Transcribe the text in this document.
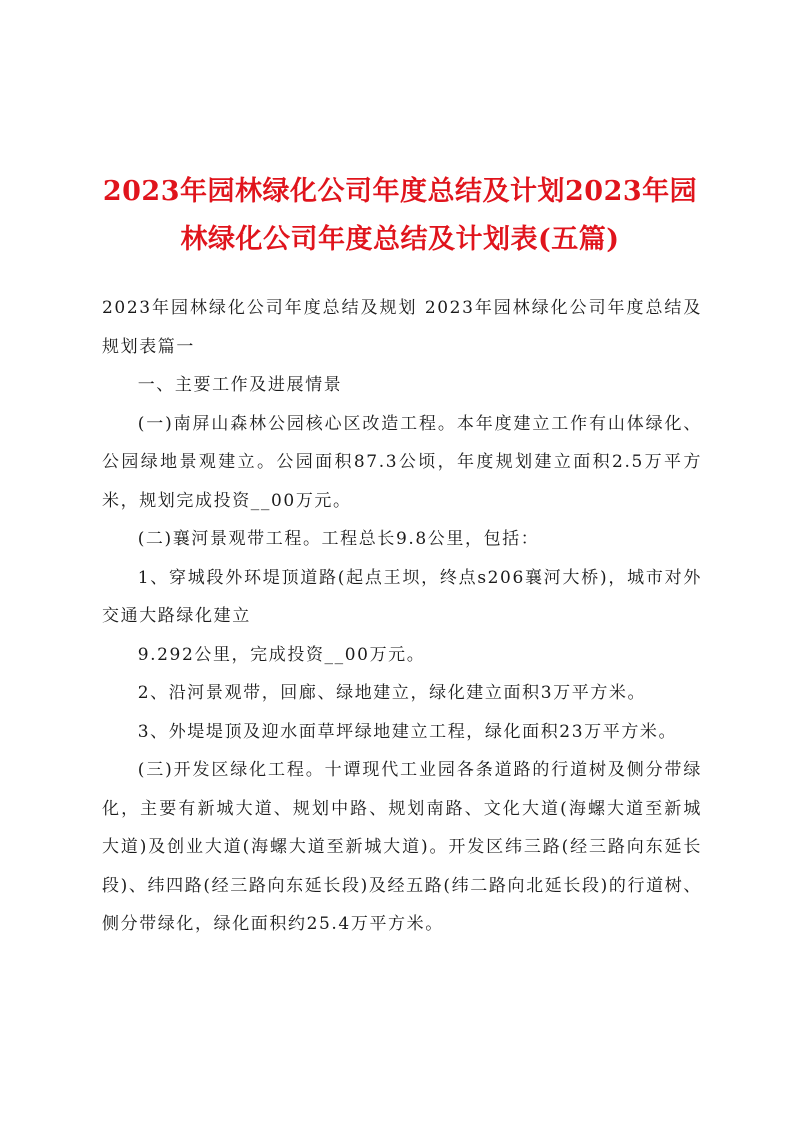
2023年园林绿化公司年度总结及计划2023年园林绿化公司年度总结及计划表(五篇)

2023年园林绿化公司年度总结及规划 2023年园林绿化公司年度总结及规划表篇一

一、主要工作及进展情景

(一)南屏山森林公园核心区改造工程。本年度建立工作有山体绿化、公园绿地景观建立。公园面积87.3公顷，年度规划建立面积2.5万平方米，规划完成投资__00万元。

(二)襄河景观带工程。工程总长9.8公里，包括：

1、穿城段外环堤顶道路(起点王坝，终点s206襄河大桥)，城市对外交通大路绿化建立

9.292公里，完成投资__00万元。

2、沿河景观带，回廊、绿地建立，绿化建立面积3万平方米。

3、外堤堤顶及迎水面草坪绿地建立工程，绿化面积23万平方米。

(三)开发区绿化工程。十谭现代工业园各条道路的行道树及侧分带绿化，主要有新城大道、规划中路、规划南路、文化大道(海螺大道至新城大道)及创业大道(海螺大道至新城大道)。开发区纬三路(经三路向东延长段)、纬四路(经三路向东延长段)及经五路(纬二路向北延长段)的行道树、侧分带绿化，绿化面积约25.4万平方米。
